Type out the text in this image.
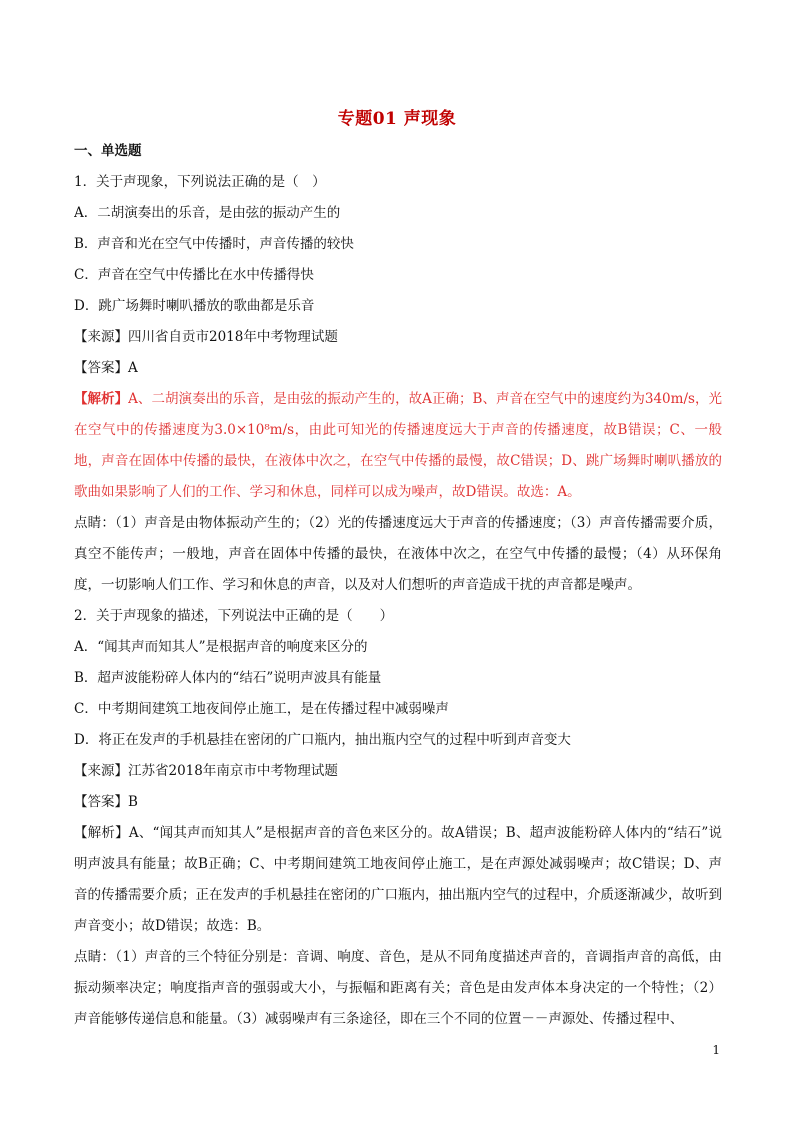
专题01 声现象
一、单选题
1．关于声现象，下列说法正确的是（　）
A．二胡演奏出的乐音，是由弦的振动产生的
B．声音和光在空气中传播时，声音传播的较快
C．声音在空气中传播比在水中传播得快
D．跳广场舞时喇叭播放的歌曲都是乐音
【来源】四川省自贡市2018年中考物理试题
【答案】A
【解析】A、二胡演奏出的乐音，是由弦的振动产生的，故A正确；B、声音在空气中的速度约为340m/s，光在空气中的传播速度为3.0×10⁸m/s，由此可知光的传播速度远大于声音的传播速度，故B错误；C、一般地，声音在固体中传播的最快，在液体中次之，在空气中传播的最慢，故C错误；D、跳广场舞时喇叭播放的歌曲如果影响了人们的工作、学习和休息，同样可以成为噪声，故D错误。故选：A。
点睛：（1）声音是由物体振动产生的；（2）光的传播速度远大于声音的传播速度；（3）声音传播需要介质，真空不能传声；一般地，声音在固体中传播的最快，在液体中次之，在空气中传播的最慢；（4）从环保角度，一切影响人们工作、学习和休息的声音，以及对人们想听的声音造成干扰的声音都是噪声。
2．关于声现象的描述，下列说法中正确的是（　　）
A．“闻其声而知其人”是根据声音的响度来区分的
B．超声波能粉碎人体内的“结石”说明声波具有能量
C．中考期间建筑工地夜间停止施工，是在传播过程中减弱噪声
D．将正在发声的手机悬挂在密闭的广口瓶内，抽出瓶内空气的过程中听到声音变大
【来源】江苏省2018年南京市中考物理试题
【答案】B
【解析】A、“闻其声而知其人”是根据声音的音色来区分的。故A错误；B、超声波能粉碎人体内的“结石”说明声波具有能量；故B正确；C、中考期间建筑工地夜间停止施工，是在声源处减弱噪声；故C错误；D、声音的传播需要介质；正在发声的手机悬挂在密闭的广口瓶内，抽出瓶内空气的过程中，介质逐渐减少，故听到声音变小；故D错误；故选：B。
点睛：（1）声音的三个特征分别是：音调、响度、音色，是从不同角度描述声音的，音调指声音的高低，由振动频率决定；响度指声音的强弱或大小，与振幅和距离有关；音色是由发声体本身决定的一个特性；（2）声音能够传递信息和能量。（3）减弱噪声有三条途径，即在三个不同的位置－－声源处、传播过程中、
1
